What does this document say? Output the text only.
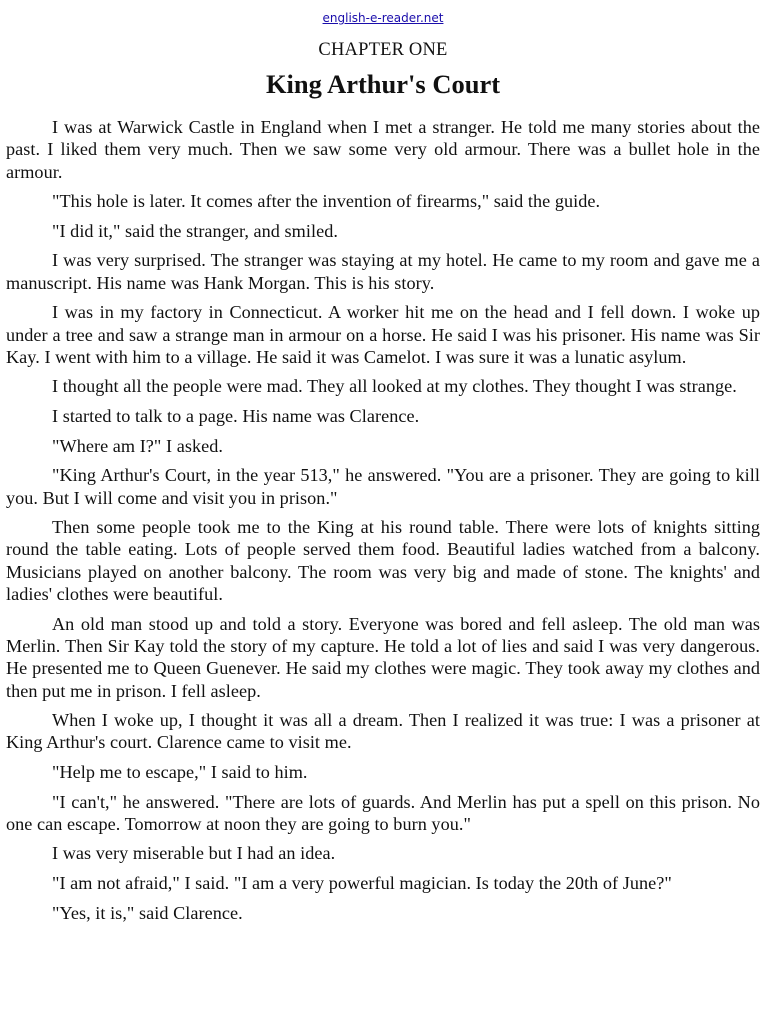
english-e-reader.net
CHAPTER ONE
King Arthur's Court

I was at Warwick Castle in England when I met a stranger. He told me many stories about the past. I liked them very much. Then we saw some very old armour. There was a bullet hole in the armour.

"This hole is later. It comes after the invention of firearms," said the guide.

"I did it," said the stranger, and smiled.

I was very surprised. The stranger was staying at my hotel. He came to my room and gave me a manuscript. His name was Hank Morgan. This is his story.

I was in my factory in Connecticut. A worker hit me on the head and I fell down. I woke up under a tree and saw a strange man in armour on a horse. He said I was his prisoner. His name was Sir Kay. I went with him to a village. He said it was Camelot. I was sure it was a lunatic asylum.

I thought all the people were mad. They all looked at my clothes. They thought I was strange.

I started to talk to a page. His name was Clarence.

"Where am I?" I asked.

"King Arthur's Court, in the year 513," he answered. "You are a prisoner. They are going to kill you. But I will come and visit you in prison."

Then some people took me to the King at his round table. There were lots of knights sitting round the table eating. Lots of people served them food. Beautiful ladies watched from a balcony. Musicians played on another balcony. The room was very big and made of stone. The knights' and ladies' clothes were beautiful.

An old man stood up and told a story. Everyone was bored and fell asleep. The old man was Merlin. Then Sir Kay told the story of my capture. He told a lot of lies and said I was very dangerous. He presented me to Queen Guenever. He said my clothes were magic. They took away my clothes and then put me in prison. I fell asleep.

When I woke up, I thought it was all a dream. Then I realized it was true: I was a prisoner at King Arthur's court. Clarence came to visit me.

"Help me to escape," I said to him.

"I can't," he answered. "There are lots of guards. And Merlin has put a spell on this prison. No one can escape. Tomorrow at noon they are going to burn you."

I was very miserable but I had an idea.

"I am not afraid," I said. "I am a very powerful magician. Is today the 20th of June?"

"Yes, it is," said Clarence.
